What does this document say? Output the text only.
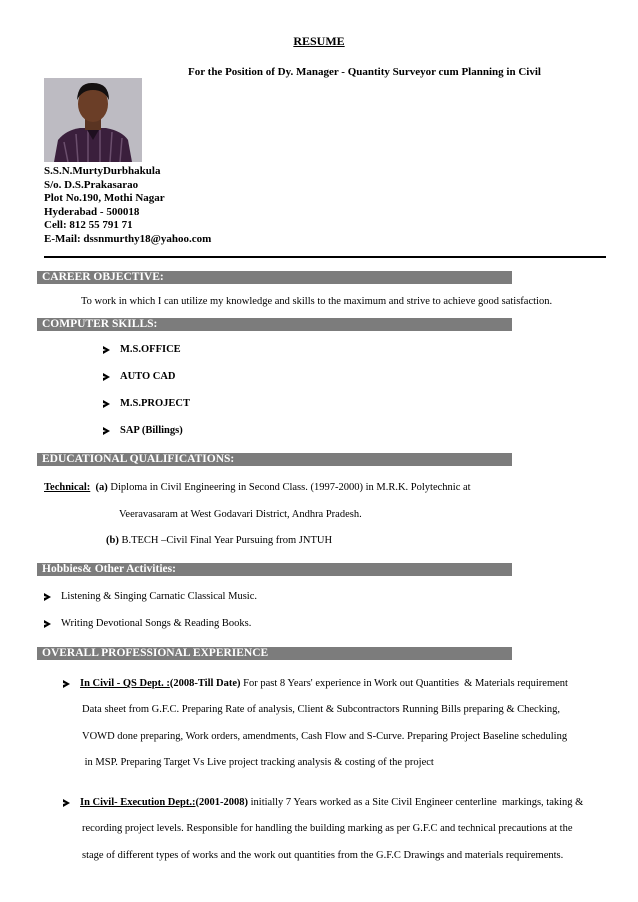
RESUME
For the Position of Dy. Manager - Quantity Surveyor cum Planning in Civil
S.S.N.MurtyDurbhakula
S/o. D.S.Prakasarao
Plot No.190, Mothi Nagar
Hyderabad - 500018
Cell: 812 55 791 71
E-Mail: dssnmurthy18@yahoo.com
CAREER OBJECTIVE:
To work in which I can utilize my knowledge and skills to the maximum and strive to achieve good satisfaction.
COMPUTER SKILLS:
M.S.OFFICE
AUTO CAD
M.S.PROJECT
SAP (Billings)
EDUCATIONAL QUALIFICATIONS:
Technical: (a) Diploma in Civil Engineering in Second Class. (1997-2000) in M.R.K. Polytechnic at
Veeravasaram at West Godavari District, Andhra Pradesh.
(b) B.TECH –Civil Final Year Pursuing from JNTUH
Hobbies& Other Activities:
Listening & Singing Carnatic Classical Music.
Writing Devotional Songs & Reading Books.
OVERALL PROFESSIONAL EXPERIENCE
In Civil - QS Dept. : (2008-Till Date) For past 8 Years' experience in Work out Quantities  & Materials requirement
Data sheet from G.F.C. Preparing Rate of analysis, Client & Subcontractors Running Bills preparing & Checking,
VOWD done preparing, Work orders, amendments, Cash Flow and S-Curve. Preparing Project Baseline scheduling
in MSP. Preparing Target Vs Live project tracking analysis & costing of the project
In Civil- Execution Dept.: (2001-2008) initially 7 Years worked as a Site Civil Engineer centerline  markings, taking &
recording project levels. Responsible for handling the building marking as per G.F.C and technical precautions at the
stage of different types of works and the work out quantities from the G.F.C Drawings and materials requirements.
